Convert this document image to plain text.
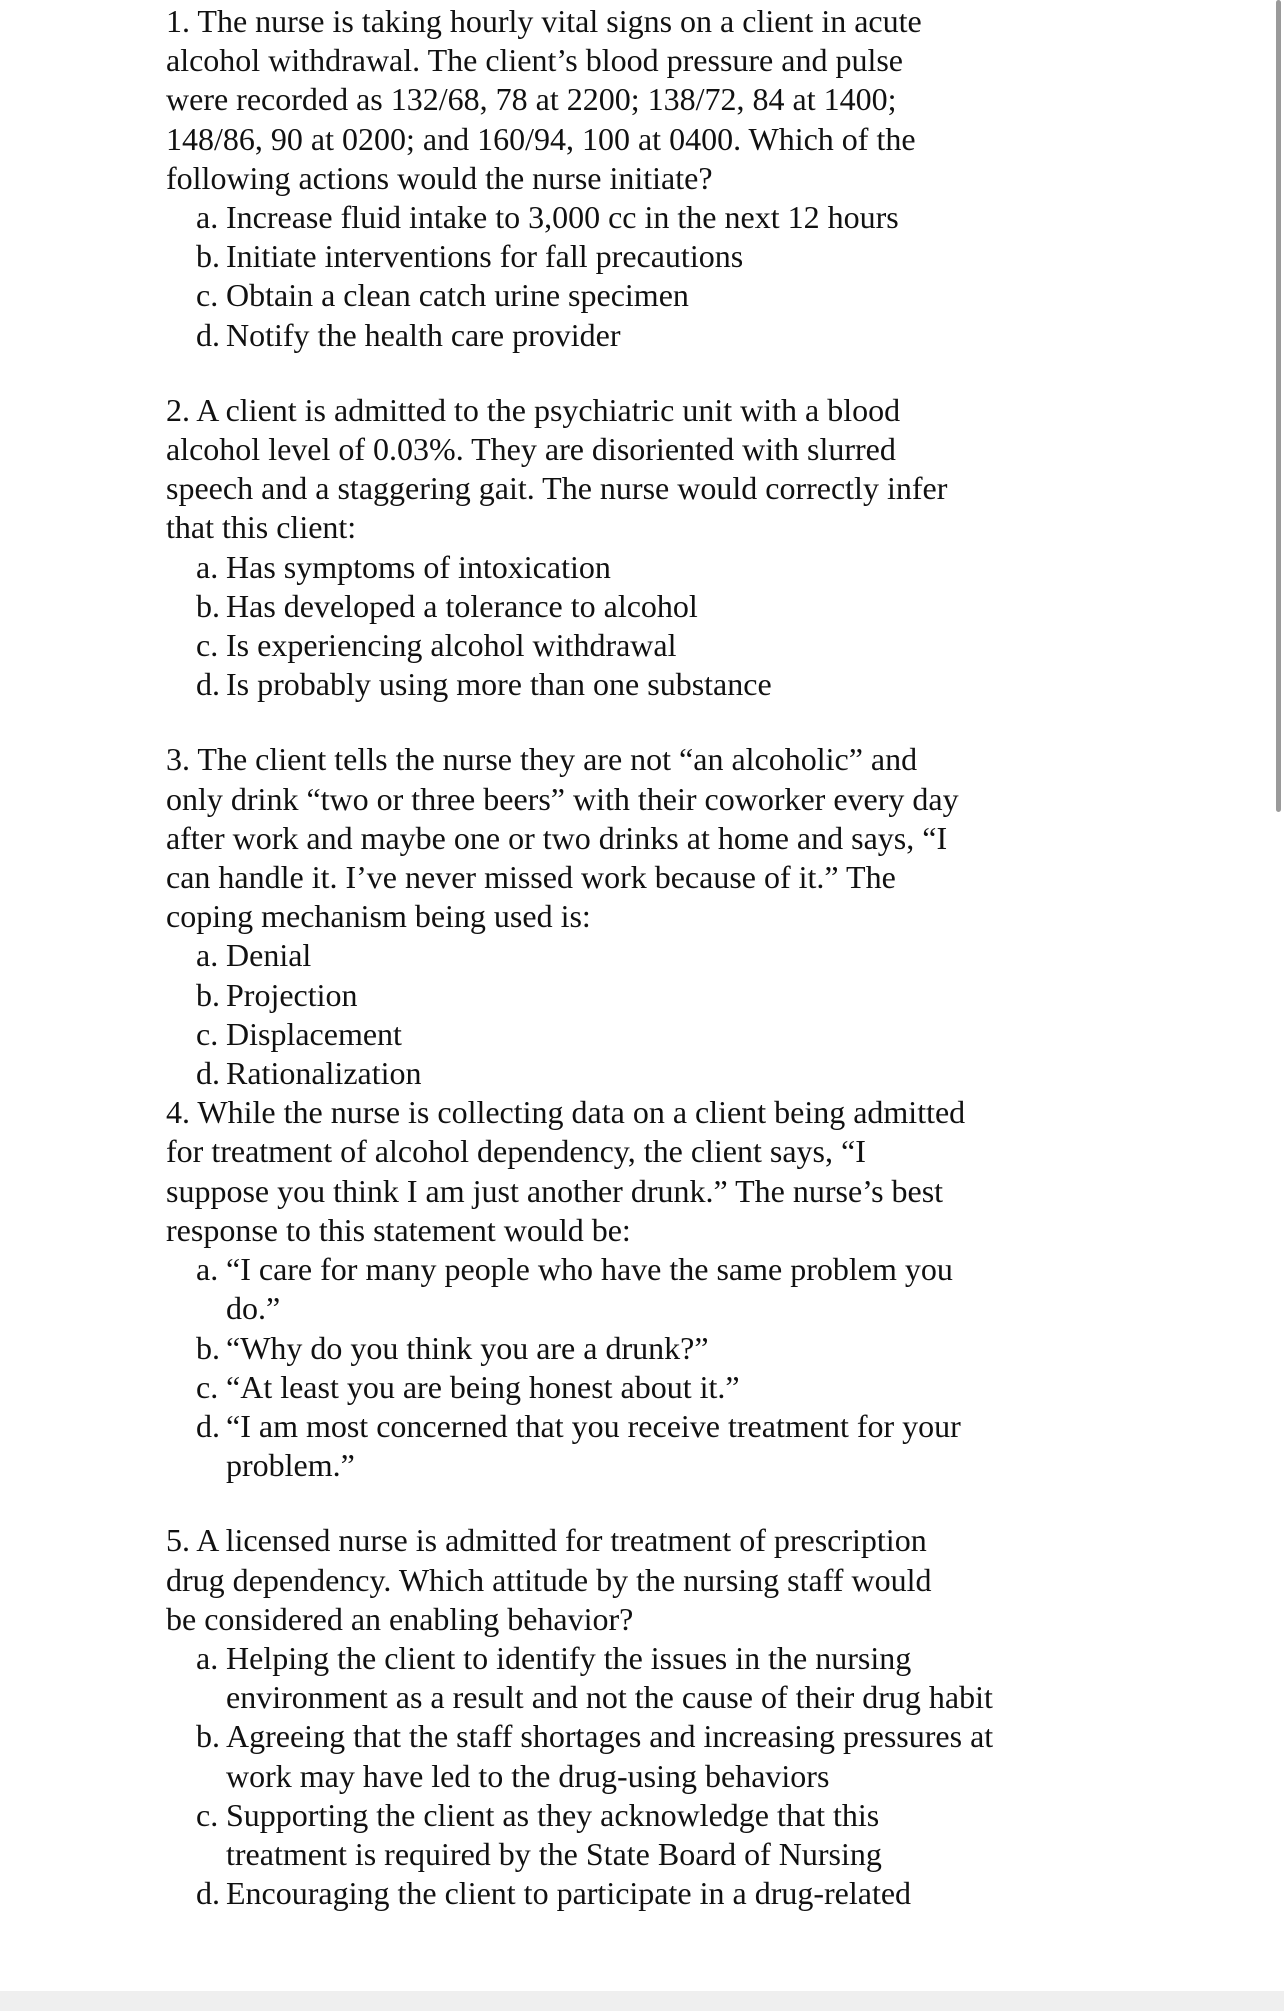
1. The nurse is taking hourly vital signs on a client in acute alcohol withdrawal. The client’s blood pressure and pulse were recorded as 132/68, 78 at 2200; 138/72, 84 at 1400; 148/86, 90 at 0200; and 160/94, 100 at 0400. Which of the following actions would the nurse initiate?

a. Increase fluid intake to 3,000 cc in the next 12 hours
b. Initiate interventions for fall precautions
c. Obtain a clean catch urine specimen
d. Notify the health care provider

2. A client is admitted to the psychiatric unit with a blood alcohol level of 0.03%. They are disoriented with slurred speech and a staggering gait. The nurse would correctly infer that this client:

a. Has symptoms of intoxication
b. Has developed a tolerance to alcohol
c. Is experiencing alcohol withdrawal
d. Is probably using more than one substance

3. The client tells the nurse they are not “an alcoholic” and only drink “two or three beers” with their coworker every day after work and maybe one or two drinks at home and says, “I can handle it. I’ve never missed work because of it.” The coping mechanism being used is:

a. Denial
b. Projection
c. Displacement
d. Rationalization

4. While the nurse is collecting data on a client being admitted for treatment of alcohol dependency, the client says, “I suppose you think I am just another drunk.” The nurse’s best response to this statement would be:

a. “I care for many people who have the same problem you do.”
b. “Why do you think you are a drunk?”
c. “At least you are being honest about it.”
d. “I am most concerned that you receive treatment for your problem.”

5. A licensed nurse is admitted for treatment of prescription drug dependency. Which attitude by the nursing staff would be considered an enabling behavior?

a. Helping the client to identify the issues in the nursing environment as a result and not the cause of their drug habit
b. Agreeing that the staff shortages and increasing pressures at work may have led to the drug-using behaviors
c. Supporting the client as they acknowledge that this treatment is required by the State Board of Nursing
d. Encouraging the client to participate in a drug-related
